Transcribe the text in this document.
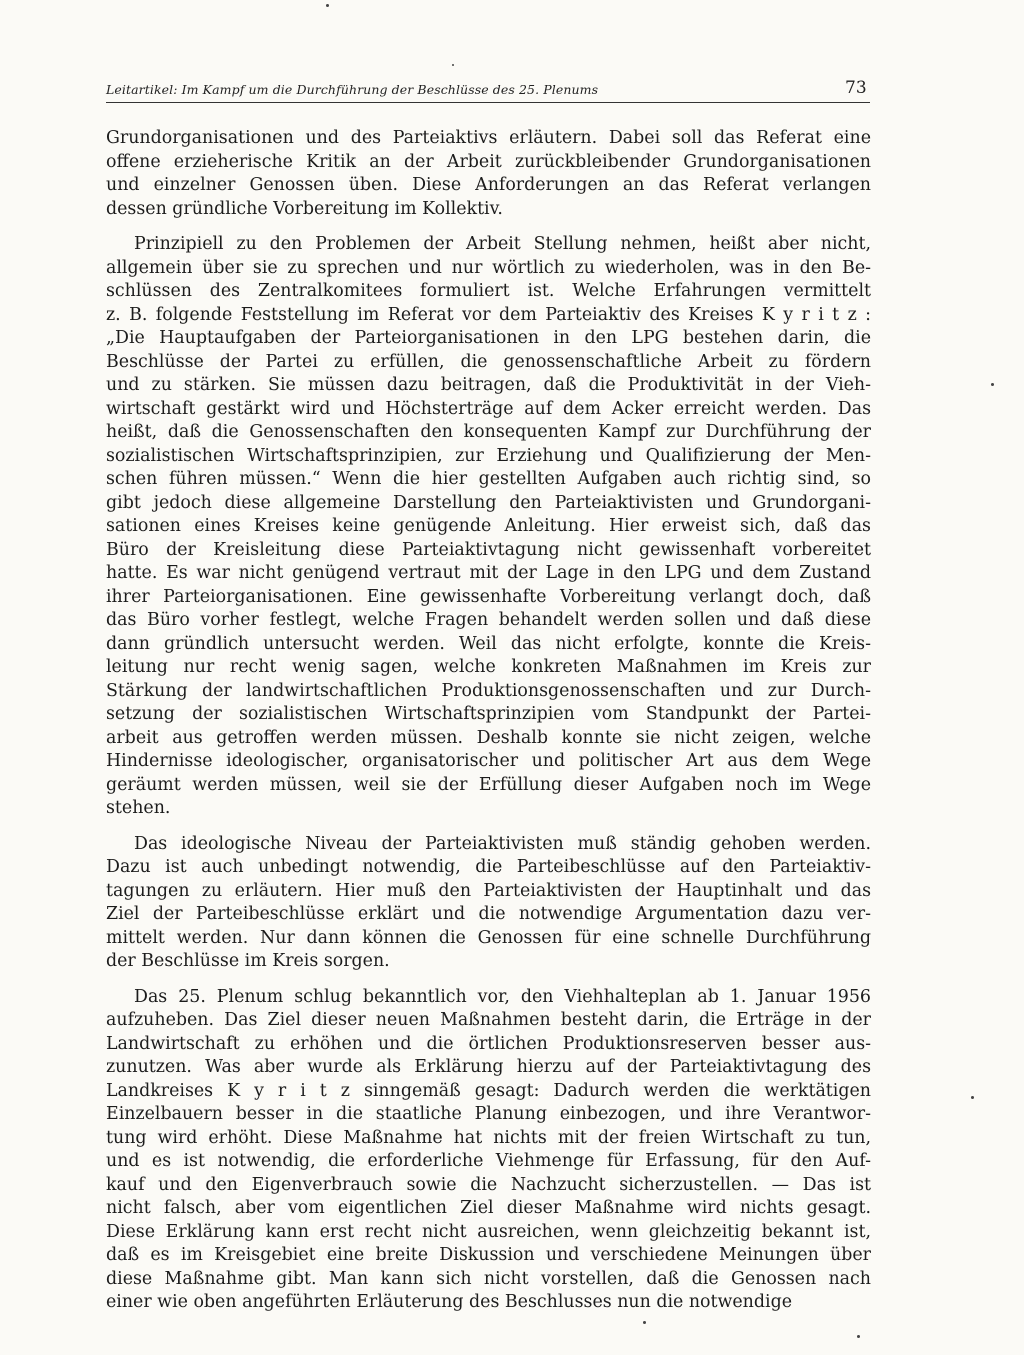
Leitartikel: Im Kampf um die Durchführung der Beschlüsse des 25. Plenums	73
Grundorganisationen und des Parteiaktivs erläutern. Dabei soll das Referat eine
offene erzieherische Kritik an der Arbeit zurückbleibender Grundorganisationen
und einzelner Genossen üben. Diese Anforderungen an das Referat verlangen
dessen gründliche Vorbereitung im Kollektiv.
Prinzipiell zu den Problemen der Arbeit Stellung nehmen, heißt aber nicht,
allgemein über sie zu sprechen und nur wörtlich zu wiederholen, was in den Be-
schlüssen des Zentralkomitees formuliert ist. Welche Erfahrungen vermittelt
z. B. folgende Feststellung im Referat vor dem Parteiaktiv des Kreises K y r i t z :
„Die Hauptaufgaben der Parteiorganisationen in den LPG bestehen darin, die
Beschlüsse der Partei zu erfüllen, die genossenschaftliche Arbeit zu fördern
und zu stärken. Sie müssen dazu beitragen, daß die Produktivität in der Vieh-
wirtschaft gestärkt wird und Höchsterträge auf dem Acker erreicht werden. Das
heißt, daß die Genossenschaften den konsequenten Kampf zur Durchführung der
sozialistischen Wirtschaftsprinzipien, zur Erziehung und Qualifizierung der Men-
schen führen müssen.“ Wenn die hier gestellten Aufgaben auch richtig sind, so
gibt jedoch diese allgemeine Darstellung den Parteiaktivisten und Grundorgani-
sationen eines Kreises keine genügende Anleitung. Hier erweist sich, daß das
Büro der Kreisleitung diese Parteiaktivtagung nicht gewissenhaft vorbereitet
hatte. Es war nicht genügend vertraut mit der Lage in den LPG und dem Zustand
ihrer Parteiorganisationen. Eine gewissenhafte Vorbereitung verlangt doch, daß
das Büro vorher festlegt, welche Fragen behandelt werden sollen und daß diese
dann gründlich untersucht werden. Weil das nicht erfolgte, konnte die Kreis-
leitung nur recht wenig sagen, welche konkreten Maßnahmen im Kreis zur
Stärkung der landwirtschaftlichen Produktionsgenossenschaften und zur Durch-
setzung der sozialistischen Wirtschaftsprinzipien vom Standpunkt der Partei-
arbeit aus getroffen werden müssen. Deshalb konnte sie nicht zeigen, welche
Hindernisse ideologischer, organisatorischer und politischer Art aus dem Wege
geräumt werden müssen, weil sie der Erfüllung dieser Aufgaben noch im Wege
stehen.
Das ideologische Niveau der Parteiaktivisten muß ständig gehoben werden.
Dazu ist auch unbedingt notwendig, die Parteibeschlüsse auf den Parteiaktiv-
tagungen zu erläutern. Hier muß den Parteiaktivisten der Hauptinhalt und das
Ziel der Parteibeschlüsse erklärt und die notwendige Argumentation dazu ver-
mittelt werden. Nur dann können die Genossen für eine schnelle Durchführung
der Beschlüsse im Kreis sorgen.
Das 25. Plenum schlug bekanntlich vor, den Viehhalteplan ab 1. Januar 1956
aufzuheben. Das Ziel dieser neuen Maßnahmen besteht darin, die Erträge in der
Landwirtschaft zu erhöhen und die örtlichen Produktionsreserven besser aus-
zunutzen. Was aber wurde als Erklärung hierzu auf der Parteiaktivtagung des
Landkreises K y r i t z sinngemäß gesagt: Dadurch werden die werktätigen
Einzelbauern besser in die staatliche Planung einbezogen, und ihre Verantwor-
tung wird erhöht. Diese Maßnahme hat nichts mit der freien Wirtschaft zu tun,
und es ist notwendig, die erforderliche Viehmenge für Erfassung, für den Auf-
kauf und den Eigenverbrauch sowie die Nachzucht sicherzustellen. — Das ist
nicht falsch, aber vom eigentlichen Ziel dieser Maßnahme wird nichts gesagt.
Diese Erklärung kann erst recht nicht ausreichen, wenn gleichzeitig bekannt ist,
daß es im Kreisgebiet eine breite Diskussion und verschiedene Meinungen über
diese Maßnahme gibt. Man kann sich nicht vorstellen, daß die Genossen nach
einer wie oben angeführten Erläuterung des Beschlusses nun die notwendige
